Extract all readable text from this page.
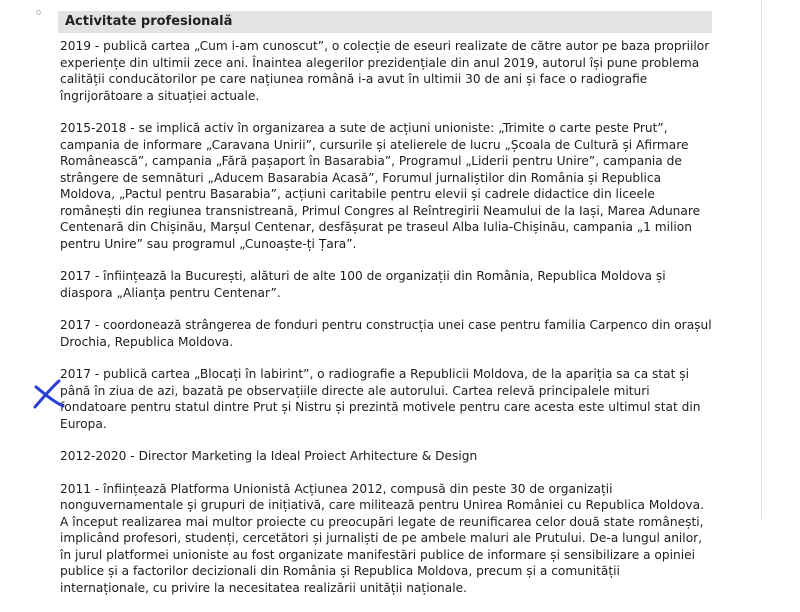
Activitate profesională

2019 - publică cartea „Cum i-am cunoscut”, o colecție de eseuri realizate de către autor pe baza propriilor experiențe din ultimii zece ani. Înaintea alegerilor prezidențiale din anul 2019, autorul își pune problema calității conducătorilor pe care națiunea română i-a avut în ultimii 30 de ani și face o radiografie îngrijorătoare a situației actuale.

2015-2018 - se implică activ în organizarea a sute de acțiuni unioniste: „Trimite o carte peste Prut”, campania de informare „Caravana Unirii”, cursurile și atelierele de lucru „Școala de Cultură și Afirmare Românească”, campania „Fără pașaport în Basarabia”, Programul „Liderii pentru Unire”, campania de strângere de semnături „Aducem Basarabia Acasă”, Forumul jurnaliștilor din România și Republica Moldova, „Pactul pentru Basarabia”, acțiuni caritabile pentru elevii și cadrele didactice din liceele românești din regiunea transnistreană, Primul Congres al Reîntregirii Neamului de la Iași, Marea Adunare Centenară din Chișinău, Marșul Centenar, desfășurat pe traseul Alba Iulia-Chișinău, campania „1 milion pentru Unire” sau programul „Cunoaște-ți Țara”.

2017 - înființează la București, alături de alte 100 de organizații din România, Republica Moldova și diaspora „Alianța pentru Centenar”.

2017 - coordonează strângerea de fonduri pentru construcția unei case pentru familia Carpenco din orașul Drochia, Republica Moldova.

2017 - publică cartea „Blocați în labirint”, o radiografie a Republicii Moldova, de la apariția sa ca stat și până în ziua de azi, bazată pe observațiile directe ale autorului. Cartea relevă principalele mituri fondatoare pentru statul dintre Prut și Nistru și prezintă motivele pentru care acesta este ultimul stat din Europa.

2012-2020 - Director Marketing la Ideal Proiect Arhitecture & Design

2011 - înființează Platforma Unionistă Acțiunea 2012, compusă din peste 30 de organizații nonguvernamentale și grupuri de inițiativă, care militează pentru Unirea României cu Republica Moldova. A început realizarea mai multor proiecte cu preocupări legate de reunificarea celor două state românești, implicând profesori, studenți, cercetători și jurnaliști de pe ambele maluri ale Prutului. De-a lungul anilor, în jurul platformei unioniste au fost organizate manifestări publice de informare și sensibilizare a opiniei publice și a factorilor decizionali din România și Republica Moldova, precum și a comunității internaționale, cu privire la necesitatea realizării unității naționale.
